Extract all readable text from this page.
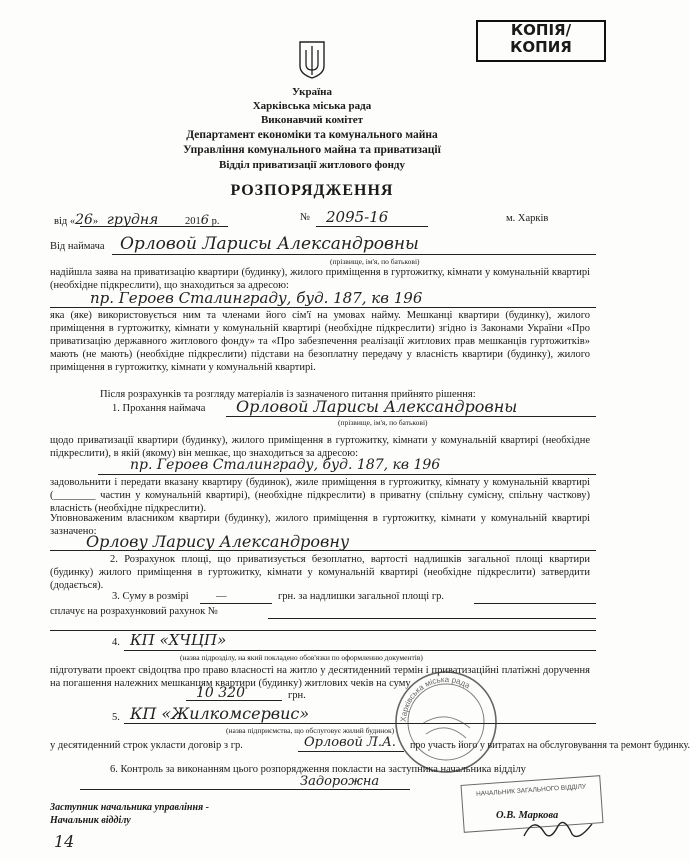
КОПІЯ/
КОПИЯ
Україна
Харківська міська рада
Виконавчий комітет
Департамент економіки та комунального майна
Управління комунального майна та приватизації
Відділ приватизації житлового фонду
РОЗПОРЯДЖЕННЯ
від «26» грудня	2016 р.	№ 2095-16	м. Харків
Від наймача Орловой Ларисы Александровны
(прізвище, ім'я, по батькові)
надійшла заява на приватизацію квартири (будинку), жилого приміщення в гуртожитку, кімнати у комунальній квартирі (необхідне підкреслити), що знаходиться за адресою:
пр. Героев Сталинграду, буд. 187, кв 196
яка (яке) використовується ним та членами його сім'ї на умовах найму. Мешканці квартири (будинку), жилого приміщення в гуртожитку, кімнати у комунальній квартирі (необхідне підкреслити) згідно із Законами України «Про приватизацію державного житлового фонду» та «Про забезпечення реалізації житлових прав мешканців гуртожитків» мають (не мають) (необхідне підкреслити) підстави на безоплатну передачу у власність квартири (будинку), жилого приміщення в гуртожитку, кімнати у комунальній квартирі.
Після розрахунків та розгляду матеріалів із зазначеного питання прийнято рішення:
1. Прохання наймача Орловой Ларисы Александровны
(прізвище, ім'я, по батькові)
щодо приватизації квартири (будинку), жилого приміщення в гуртожитку, кімнати у комунальній квартирі (необхідне підкреслити), в якій (якому) він мешкає, що знаходиться за адресою:
пр. Героев Сталинграду, буд. 187, кв 196
задовольнити і передати вказану квартиру (будинок), жиле приміщення в гуртожитку, кімнату у комунальній квартирі (________ частин у комунальній квартирі), (необхідне підкреслити) в приватну (спільну сумісну, спільну часткову) власність (необхідне підкреслити).
Уповноваженим власником квартири (будинку), жилого приміщення в гуртожитку, кімнати у комунальній квартирі зазначено:
Орлову Ларису Александровну
2. Розрахунок площі, що приватизується безоплатно, вартості надлишків загальної площі квартири (будинку) жилого приміщення в гуртожитку, кімнати у комунальній квартирі (необхідне підкреслити) затвердити (додається).
3. Суму в розмірі	—	грн. за надлишки загальної площі гр.
сплачує на розрахунковий рахунок №
4. КП «ХЧЦП»
(назва підрозділу, на який покладено обов'язки по оформленню документів)
підготувати проект свідоцтва про право власності на житло у десятиденний термін і приватизаційні платіжні доручення на погашення належних мешканцям квартири (будинку) житлових чеків на суму
10 320	грн.
5. КП «Жилкомсервис»
(назва підприємства, що обслуговує жилий будинок)
у десятиденний строк укласти договір з гр.	Орловой Л.А. про участь його у витратах на обслуговування та ремонт будинку.
6. Контроль за виконанням цього розпорядження покласти на заступника начальника відділу
Задорожна
Заступник начальника управління -
Начальник відділу	О.В. Маркова
14
Харківська міська рада
НАЧАЛЬНИК ЗАГАЛЬНОГО ВІДДІЛУ
